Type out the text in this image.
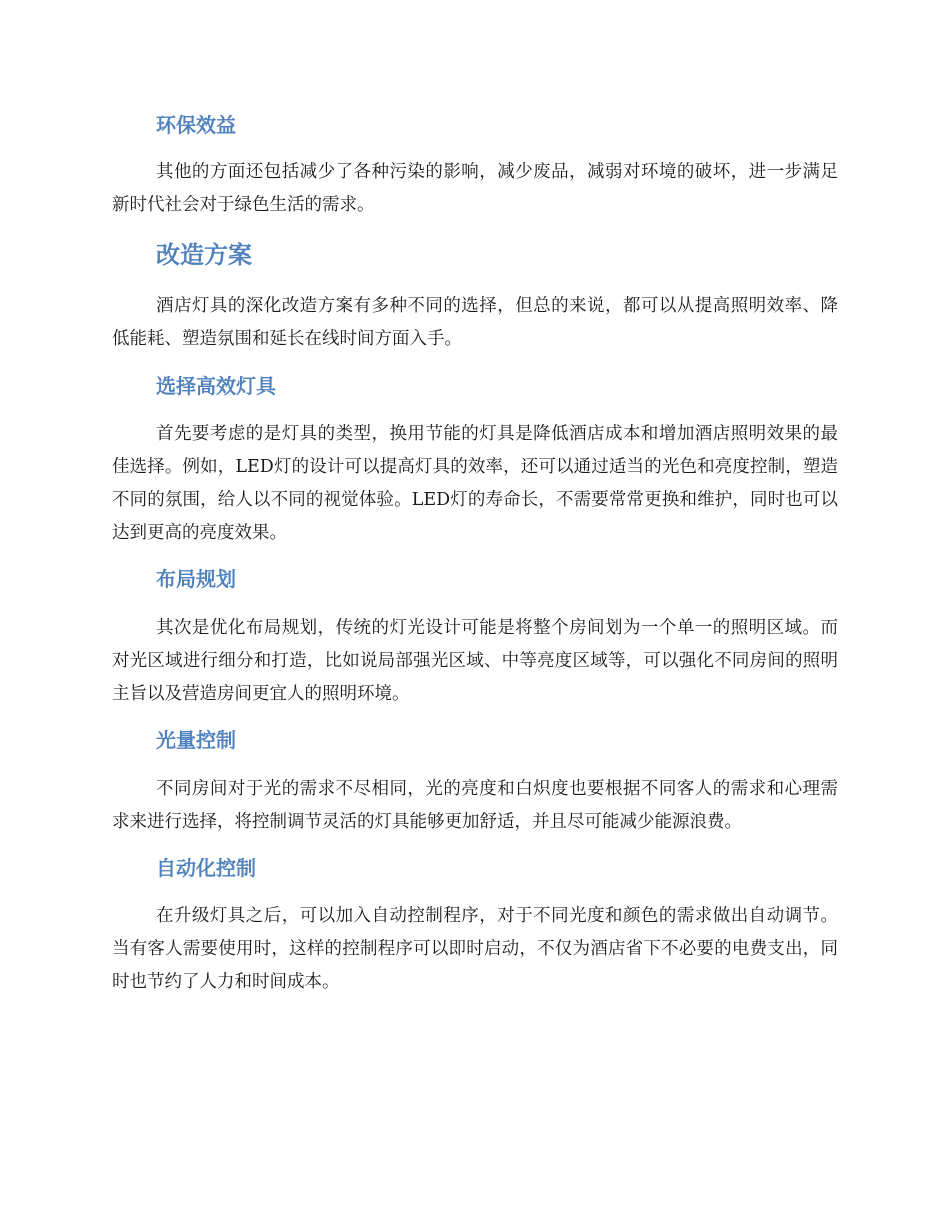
环保效益

其他的方面还包括减少了各种污染的影响，减少废品，减弱对环境的破坏，进一步满足新时代社会对于绿色生活的需求。

改造方案

酒店灯具的深化改造方案有多种不同的选择，但总的来说，都可以从提高照明效率、降低能耗、塑造氛围和延长在线时间方面入手。

选择高效灯具

首先要考虑的是灯具的类型，换用节能的灯具是降低酒店成本和增加酒店照明效果的最佳选择。例如，LED灯的设计可以提高灯具的效率，还可以通过适当的光色和亮度控制，塑造不同的氛围，给人以不同的视觉体验。LED灯的寿命长，不需要常常更换和维护，同时也可以达到更高的亮度效果。

布局规划

其次是优化布局规划，传统的灯光设计可能是将整个房间划为一个单一的照明区域。而对光区域进行细分和打造，比如说局部强光区域、中等亮度区域等，可以强化不同房间的照明主旨以及营造房间更宜人的照明环境。

光量控制

不同房间对于光的需求不尽相同，光的亮度和白炽度也要根据不同客人的需求和心理需求来进行选择，将控制调节灵活的灯具能够更加舒适，并且尽可能减少能源浪费。

自动化控制

在升级灯具之后，可以加入自动控制程序，对于不同光度和颜色的需求做出自动调节。当有客人需要使用时，这样的控制程序可以即时启动，不仅为酒店省下不必要的电费支出，同时也节约了人力和时间成本。
